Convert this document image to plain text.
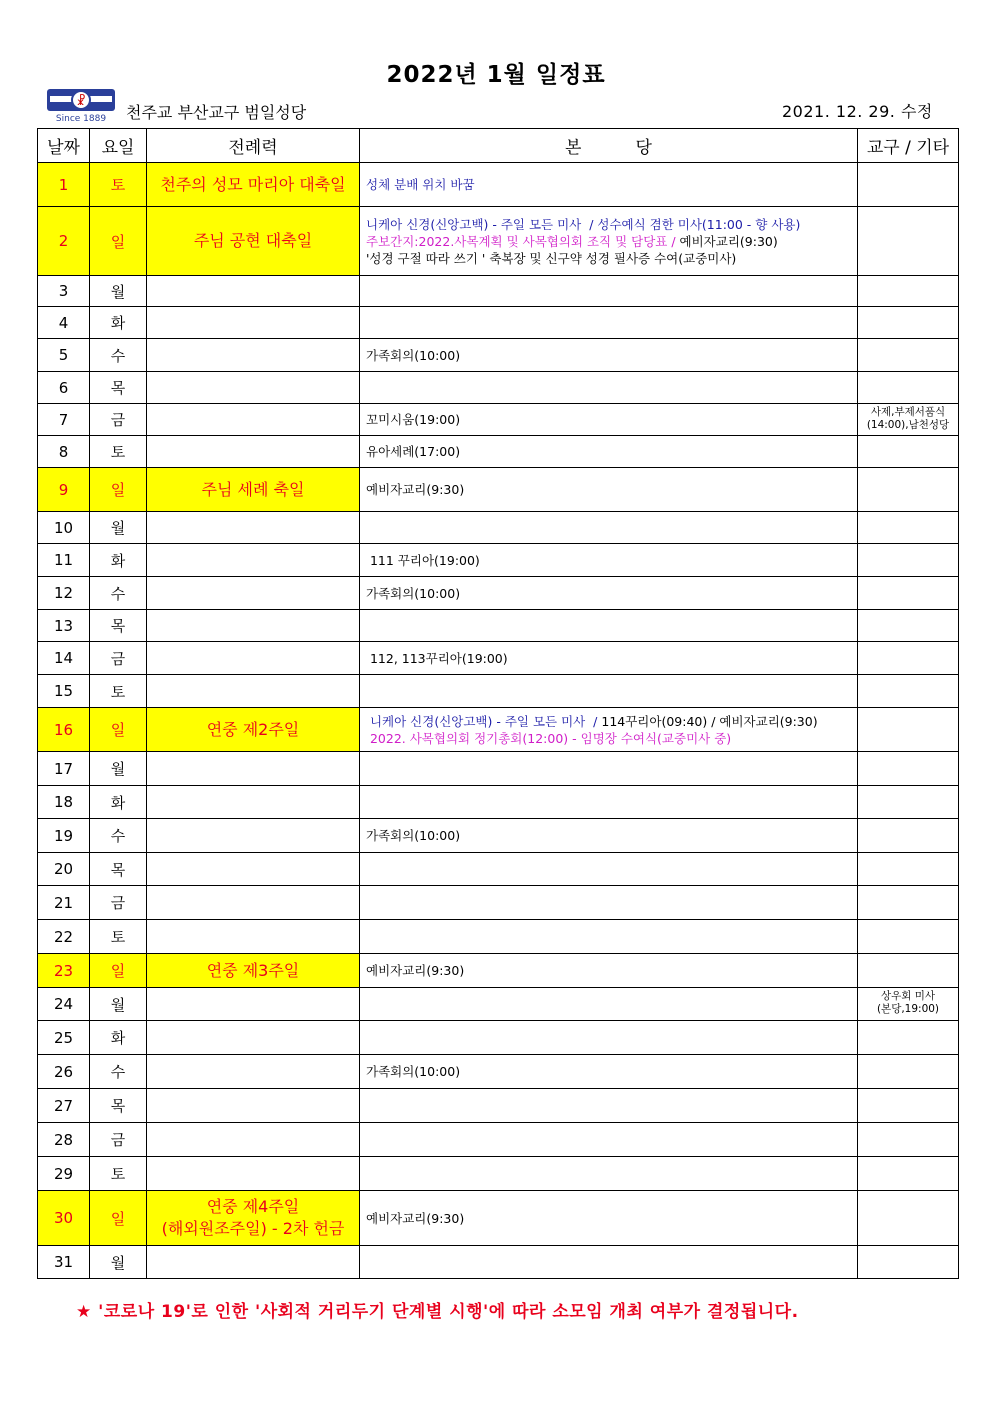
2022년 1월 일정표
☧
Since 1889 천주교 부산교구 범일성당	2021. 12. 29. 수정
날짜	요일	전례력	본          당	교구 / 기타
1	토	천주의 성모 마리아 대축일	성체 분배 위치 바꿈	

2	일	주님 공현 대축일	니케아 신경(신앙고백) - 주일 모든 미사  / 성수예식 겸한 미사(11:00 - 향 사용)
주보간지:2022.사목계획 및 사목협의회 조직 및 담당표 / 예비자교리(9:30)
'성경 구절 따라 쓰기 ' 축복장 및 신구약 성경 필사증 수여(교중미사)	

3	월			
4	화			
5	수		가족회의(10:00)	

6	목			
7	금		꼬미시움(19:00)	사제,부제서품식
(14:00),남천성당
8	토		유아세례(17:00)	

9	일	주님 세례 축일	예비자교리(9:30)	

10	월			
11	화		111 꾸리아(19:00)	

12	수		가족회의(10:00)	

13	목			
14	금		112, 113꾸리아(19:00)	

15	토			
16	일	연중 제2주일	니케아 신경(신앙고백) - 주일 모든 미사  / 114꾸리아(09:40) / 예비자교리(9:30)
2022. 사목협의회 정기총회(12:00) - 임명장 수여식(교중미사 중)	

17	월			
18	화			
19	수		가족회의(10:00)	

20	목			
21	금			
22	토			
23	일	연중 제3주일	예비자교리(9:30)	

24	월			상우회 미사
(본당,19:00)
25	화			
26	수		가족회의(10:00)	

27	목			
28	금			
29	토			
30	일	연중 제4주일
(해외원조주일) - 2차 헌금	예비자교리(9:30)	

31	월			
★ '코로나 19'로 인한 '사회적 거리두기 단계별 시행'에 따라 소모임 개최 여부가 결정됩니다.
